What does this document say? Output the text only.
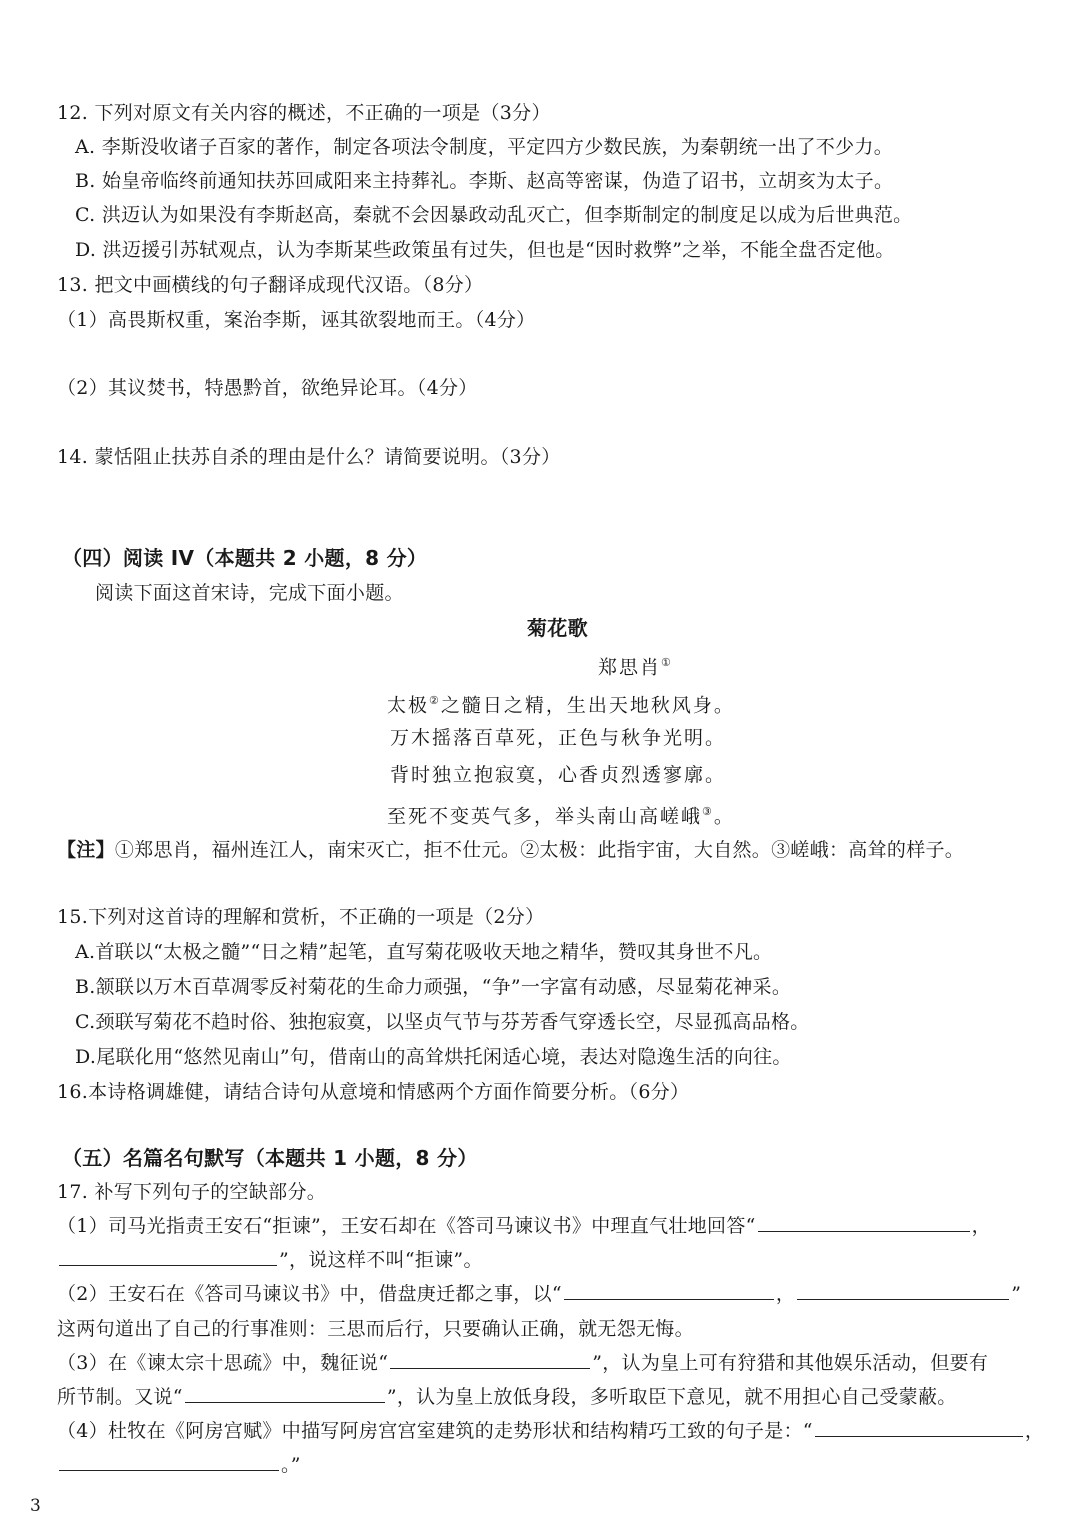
12. 下列对原文有关内容的概述，不正确的一项是（3分）
A. 李斯没收诸子百家的著作，制定各项法令制度，平定四方少数民族，为秦朝统一出了不少力。
B. 始皇帝临终前通知扶苏回咸阳来主持葬礼。李斯、赵高等密谋，伪造了诏书，立胡亥为太子。
C. 洪迈认为如果没有李斯赵高，秦就不会因暴政动乱灭亡，但李斯制定的制度足以成为后世典范。
D. 洪迈援引苏轼观点，认为李斯某些政策虽有过失，但也是“因时救弊”之举，不能全盘否定他。
13. 把文中画横线的句子翻译成现代汉语。（8分）
（1）高畏斯权重，案治李斯，诬其欲裂地而王。（4分）
（2）其议焚书，特愚黔首，欲绝异论耳。（4分）
14. 蒙恬阻止扶苏自杀的理由是什么？请简要说明。（3分）
（四）阅读 IV（本题共 2 小题，8 分）
阅读下面这首宋诗，完成下面小题。
菊花歌
郑思肖①
太极②之髓日之精，生出天地秋风身。
万木摇落百草死，正色与秋争光明。
背时独立抱寂寞，心香贞烈透寥廓。
至死不变英气多，举头南山高嵯峨③。
【注】①郑思肖，福州连江人，南宋灭亡，拒不仕元。②太极：此指宇宙，大自然。③嵯峨：高耸的样子。
15.下列对这首诗的理解和赏析，不正确的一项是（2分）
A.首联以“太极之髓”“日之精”起笔，直写菊花吸收天地之精华，赞叹其身世不凡。
B.颔联以万木百草凋零反衬菊花的生命力顽强，“争”一字富有动感，尽显菊花神采。
C.颈联写菊花不趋时俗、独抱寂寞，以坚贞气节与芬芳香气穿透长空，尽显孤高品格。
D.尾联化用“悠然见南山”句，借南山的高耸烘托闲适心境，表达对隐逸生活的向往。
16.本诗格调雄健，请结合诗句从意境和情感两个方面作简要分析。（6分）
（五）名篇名句默写（本题共 1 小题，8 分）
17. 补写下列句子的空缺部分。
（1）司马光指责王安石“拒谏”，王安石却在《答司马谏议书》中理直气壮地回答“	，
”，说这样不叫“拒谏”。
（2）王安石在《答司马谏议书》中，借盘庚迁都之事，以“	，	”
这两句道出了自己的行事准则：三思而后行，只要确认正确，就无怨无悔。
（3）在《谏太宗十思疏》中，魏征说“	”，认为皇上可有狩猎和其他娱乐活动，但要有
所节制。又说“	”，认为皇上放低身段，多听取臣下意见，就不用担心自己受蒙蔽。
（4）杜牧在《阿房宫赋》中描写阿房宫宫室建筑的走势形状和结构精巧工致的句子是：“	，
。”
3
